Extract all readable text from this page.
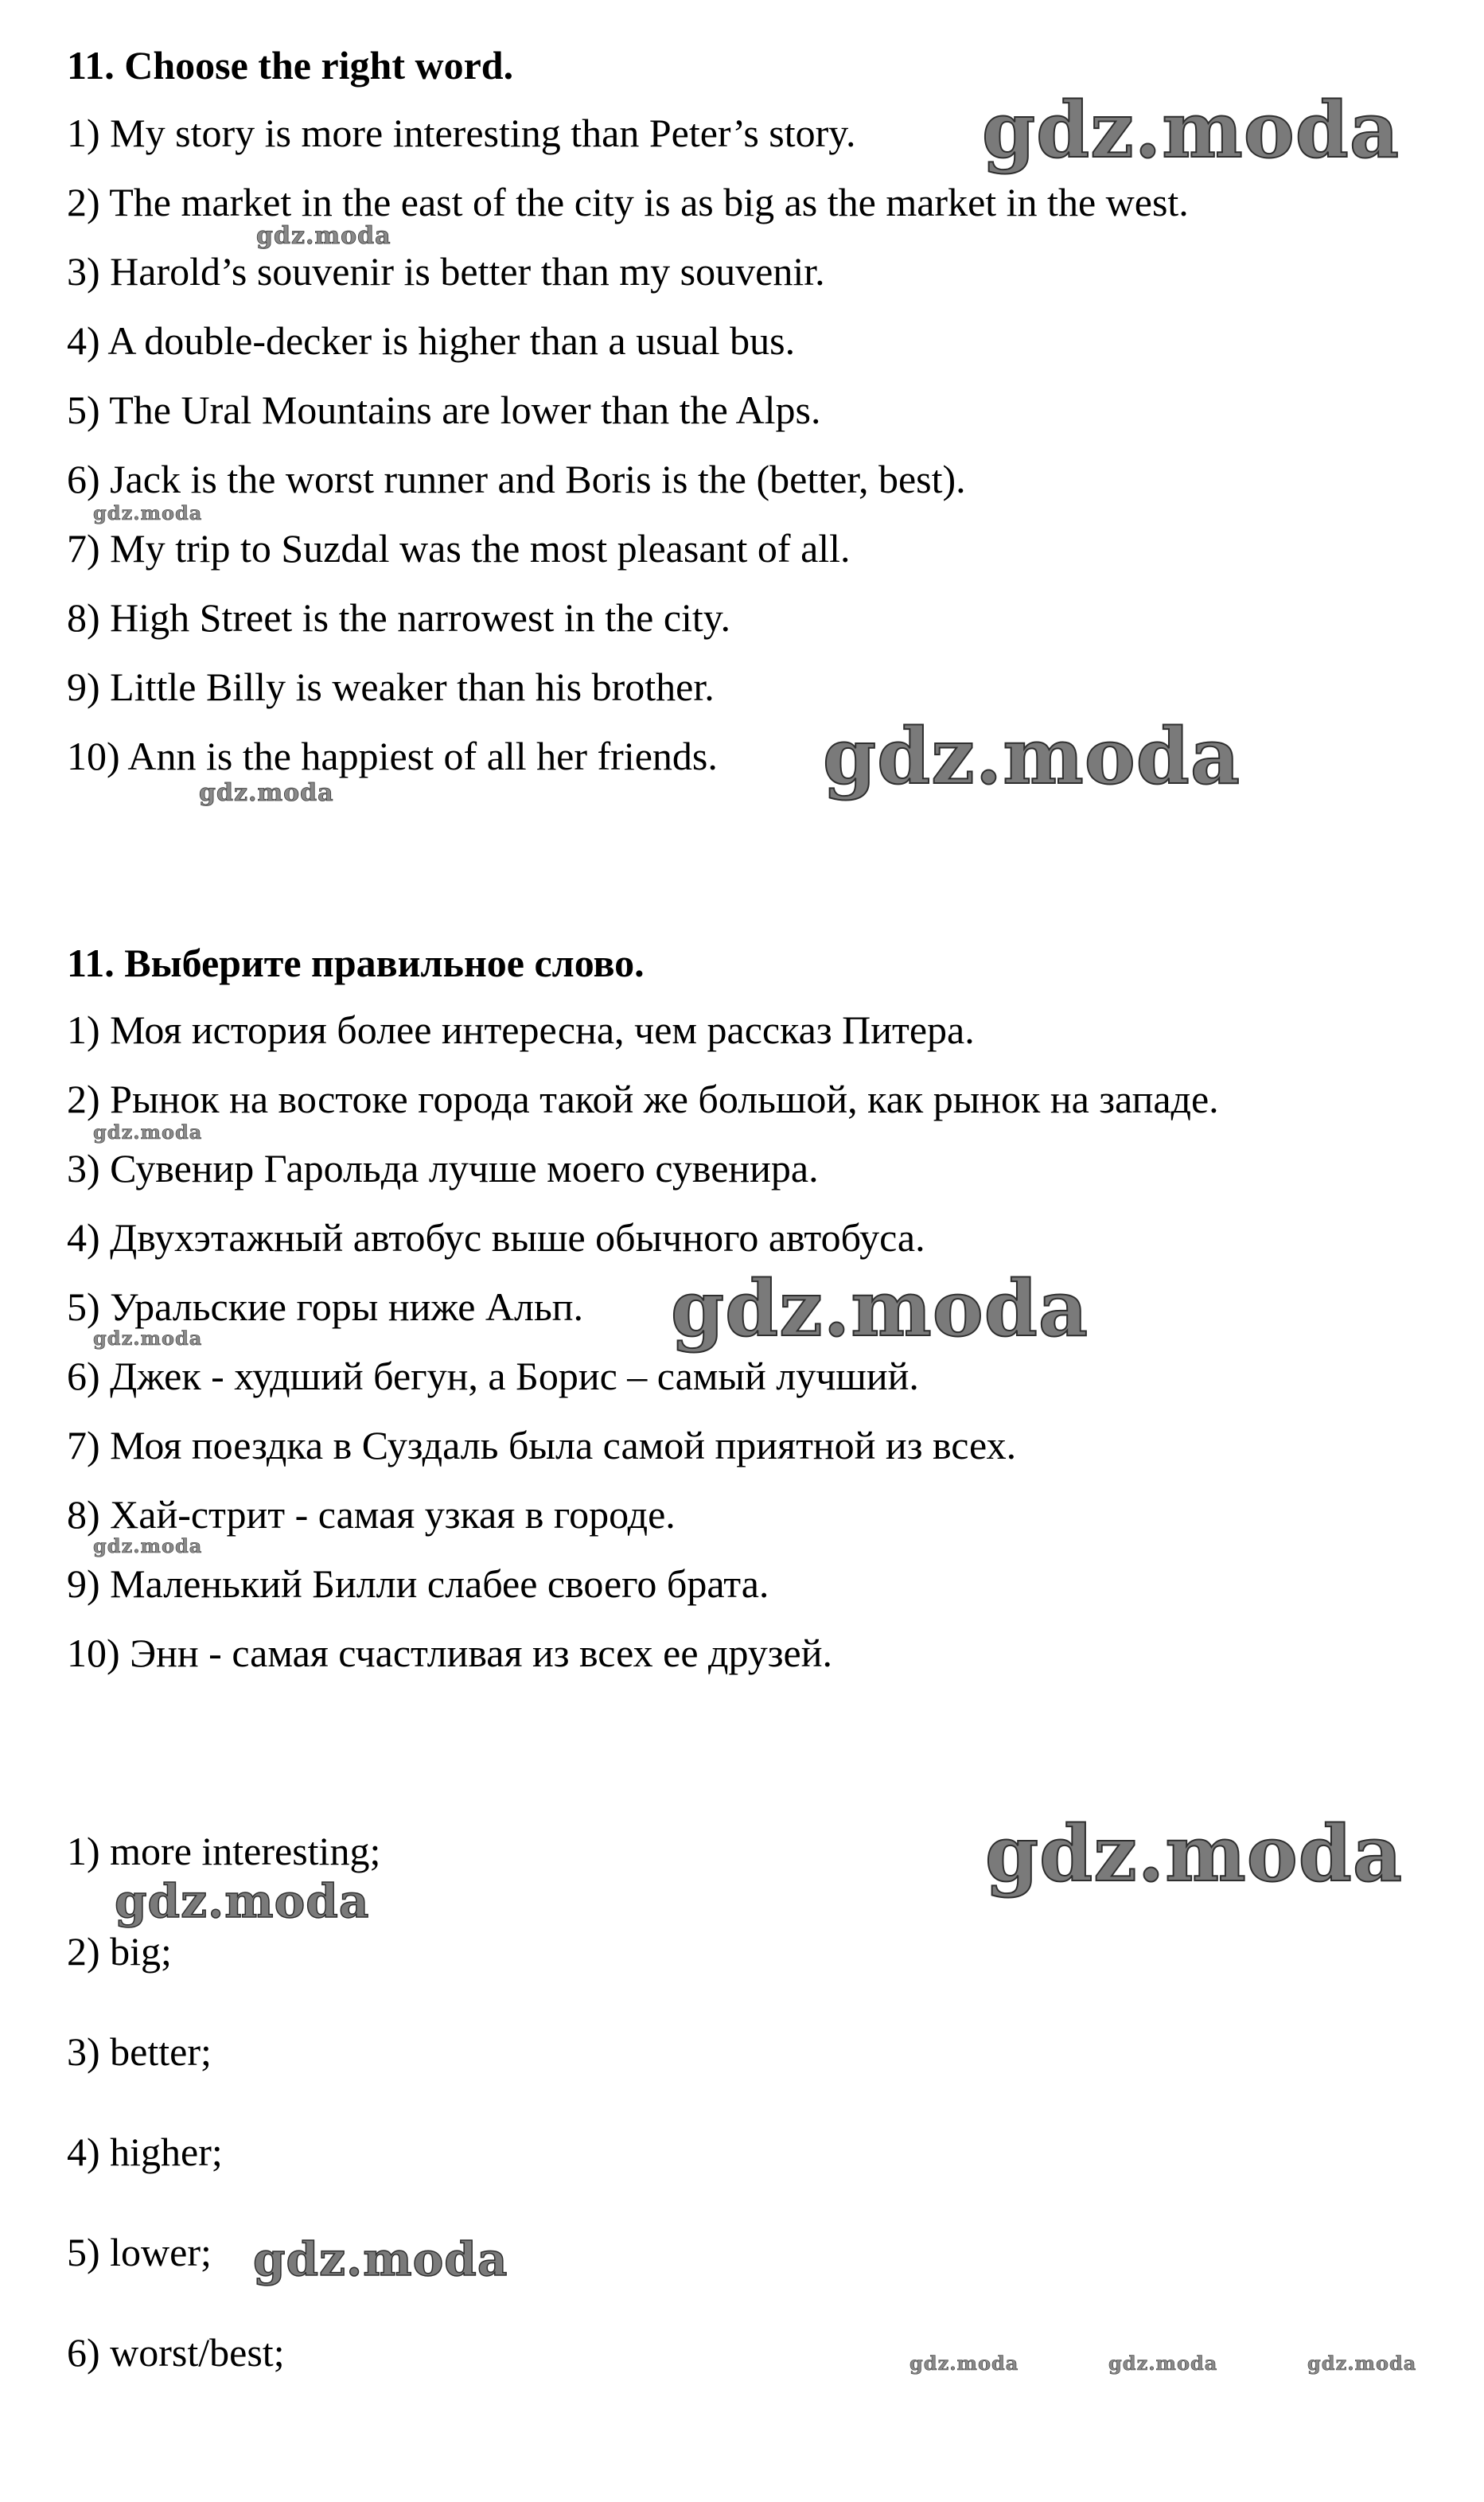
11. Choose the right word.
1) My story is more interesting than Peter’s story.
2) The market in the east of the city is as big as the market in the west.
3) Harold’s souvenir is better than my souvenir.
4) A double-decker is higher than a usual bus.
5) The Ural Mountains are lower than the Alps.
6) Jack is the worst runner and Boris is the (better, best).
7) My trip to Suzdal was the most pleasant of all.
8) High Street is the narrowest in the city.
9) Little Billy is weaker than his brother.
10) Ann is the happiest of all her friends.
11. Выберите правильное слово.
1) Моя история более интересна, чем рассказ Питера.
2) Рынок на востоке города такой же большой, как рынок на западе.
3) Сувенир Гарольда лучше моего сувенира.
4) Двухэтажный автобус выше обычного автобуса.
5) Уральские горы ниже Альп.
6) Джек - худший бегун, а Борис – самый лучший.
7) Моя поездка в Суздаль была самой приятной из всех.
8) Хай-стрит - самая узкая в городе.
9) Маленький Билли слабее своего брата.
10) Энн - самая счастливая из всех ее друзей.
1) more interesting;
2) big;
3) better;
4) higher;
5) lower;
6) worst/best;
gdz.moda
gdz.moda
gdz.moda
gdz.moda
gdz.moda
gdz.moda
gdz.moda
gdz.moda
gdz.moda
gdz.moda
gdz.moda
gdz.moda
gdz.moda	gdz.moda	gdz.moda
